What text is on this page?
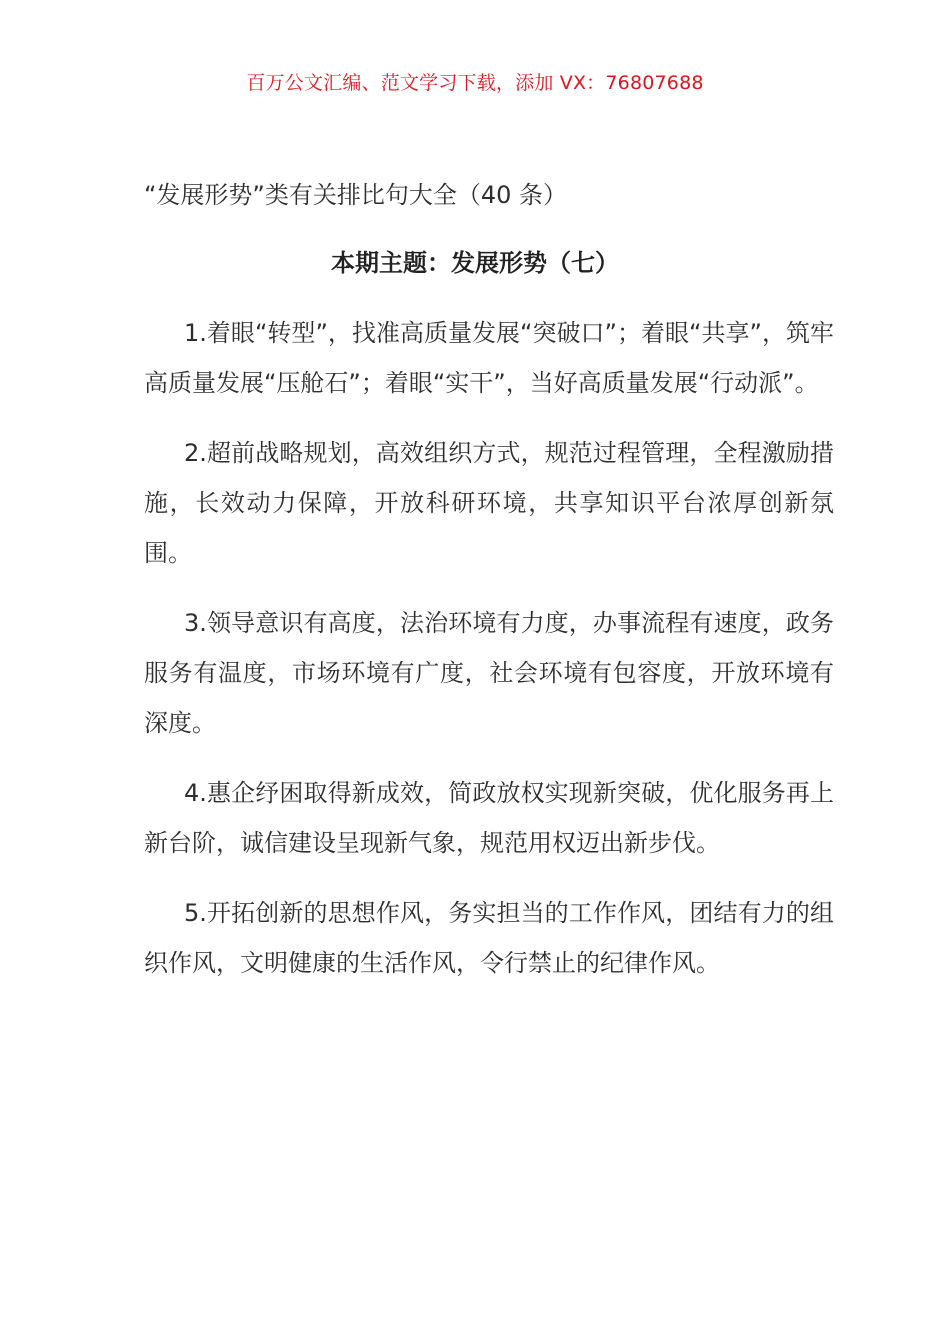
百万公文汇编、范文学习下载，添加 VX：76807688
“发展形势”类有关排比句大全（40 条）
本期主题：发展形势（七）
1.着眼“转型”，找准高质量发展“突破口”；着眼“共享”，筑牢高质量发展“压舱石”；着眼“实干”，当好高质量发展“行动派”。
2.超前战略规划，高效组织方式，规范过程管理，全程激励措施，长效动力保障，开放科研环境，共享知识平台浓厚创新氛围。
3.领导意识有高度，法治环境有力度，办事流程有速度，政务服务有温度，市场环境有广度，社会环境有包容度，开放环境有深度。
4.惠企纾困取得新成效，简政放权实现新突破，优化服务再上新台阶，诚信建设呈现新气象，规范用权迈出新步伐。
5.开拓创新的思想作风，务实担当的工作作风，团结有力的组织作风，文明健康的生活作风，令行禁止的纪律作风。
